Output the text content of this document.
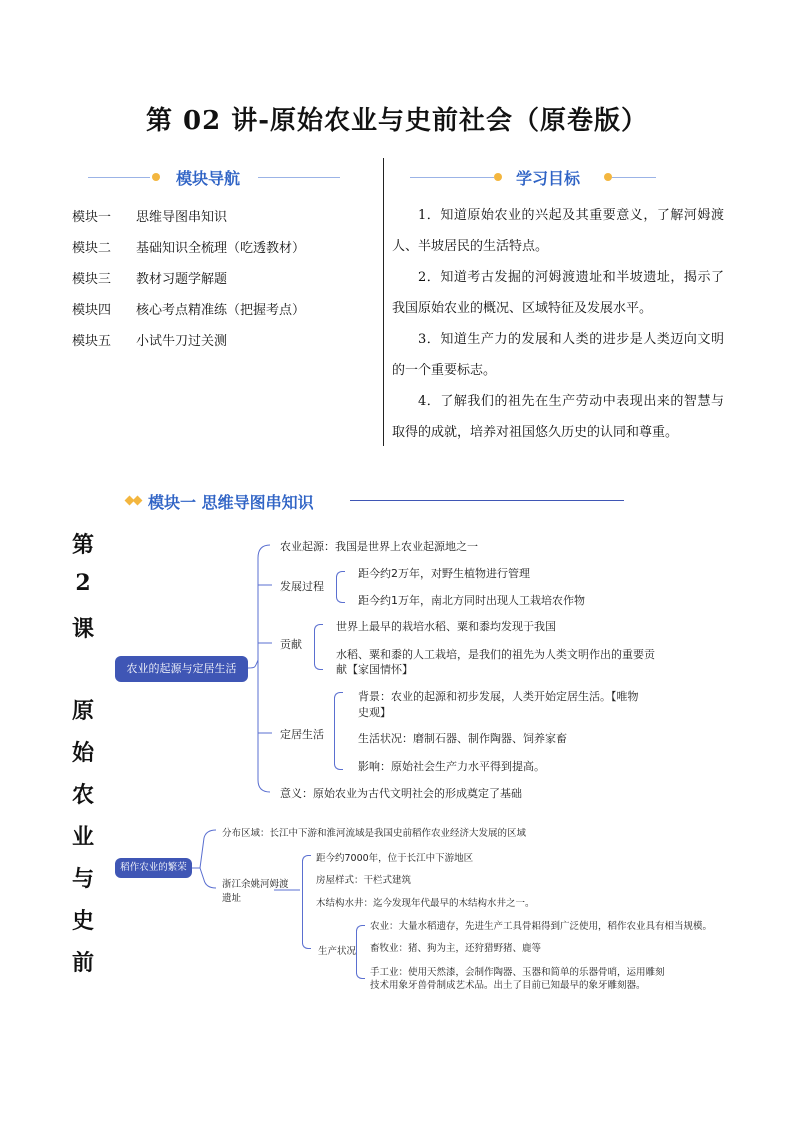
第 02 讲-原始农业与史前社会（原卷版）
模块导航
模块一 思维导图串知识
模块二 基础知识全梳理（吃透教材）
模块三 教材习题学解题
模块四 核心考点精准练（把握考点）
模块五 小试牛刀过关测
学习目标
1．知道原始农业的兴起及其重要意义，了解河姆渡人、半坡居民的生活特点。
2．知道考古发掘的河姆渡遗址和半坡遗址，揭示了我国原始农业的概况、区域特征及发展水平。
3．知道生产力的发展和人类的进步是人类迈向文明的一个重要标志。
4．了解我们的祖先在生产劳动中表现出来的智慧与取得的成就，培养对祖国悠久历史的认同和尊重。
模块一 思维导图串知识
第
2
课
原
始
农
业
与
史
前
农业的起源与定居生活
农业起源：我国是世界上农业起源地之一
发展过程
距今约2万年，对野生植物进行管理
距今约1万年，南北方同时出现人工栽培农作物
贡献
世界上最早的栽培水稻、粟和黍均发现于我国
水稻、粟和黍的人工栽培，是我们的祖先为人类文明作出的重要贡
献【家国情怀】
定居生活
背景：农业的起源和初步发展，人类开始定居生活。【唯物
史观】
生活状况：磨制石器、制作陶器、饲养家畜
影响：原始社会生产力水平得到提高。
意义：原始农业为古代文明社会的形成奠定了基础
稻作农业的繁荣
分布区域：长江中下游和淮河流域是我国史前稻作农业经济大发展的区域
浙江余姚河姆渡
遗址
距今约7000年，位于长江中下游地区
房屋样式：干栏式建筑
木结构水井：迄今发现年代最早的木结构水井之一。
生产状况
农业：大量水稻遗存，先进生产工具骨耜得到广泛使用，稻作农业具有相当规模。
畜牧业：猪、狗为主，还狩猎野猪、鹿等
手工业：使用天然漆，会制作陶器、玉器和简单的乐器骨哨，运用雕刻
技术用象牙兽骨制成艺术品。出土了目前已知最早的象牙雕刻器。
